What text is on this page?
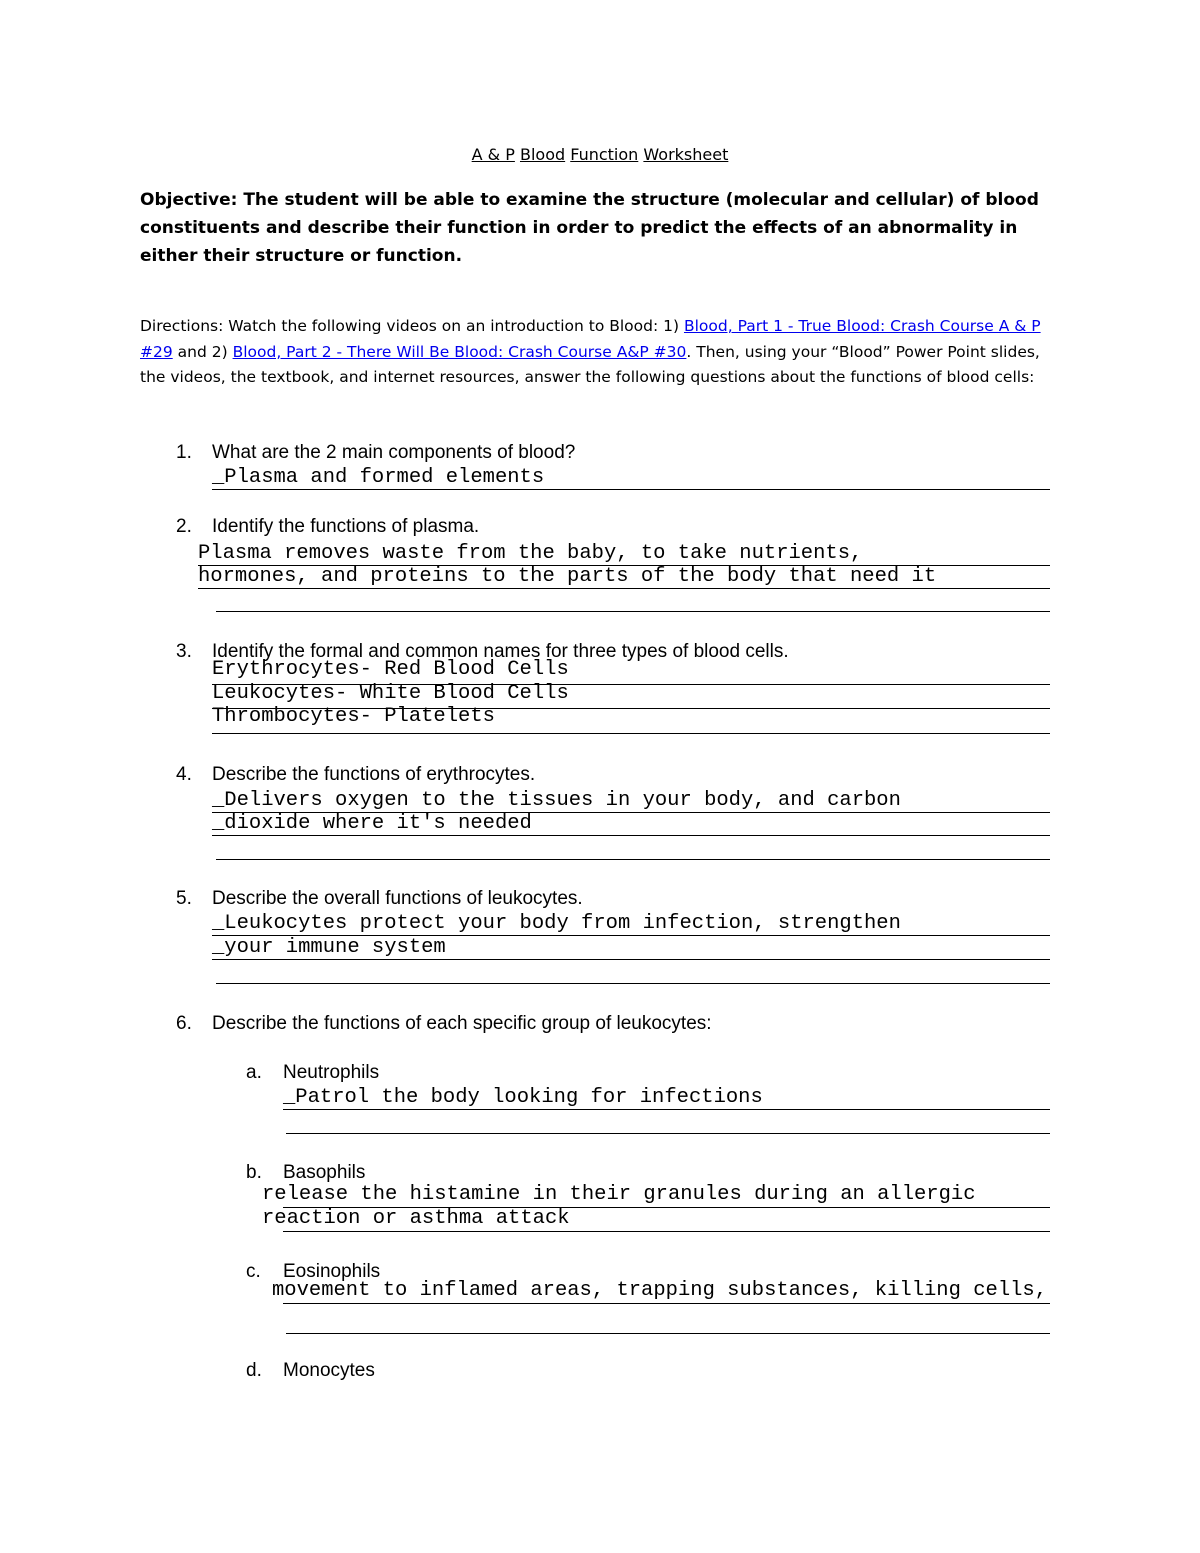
A & P Blood Function Worksheet
Objective: The student will be able to examine the structure (molecular and cellular) of blood constituents and describe their function in order to predict the effects of an abnormality in either their structure or function.
Directions: Watch the following videos on an introduction to Blood: 1) Blood, Part 1 - True Blood: Crash Course A & P #29 and 2) Blood, Part 2 - There Will Be Blood: Crash Course A&P #30. Then, using your “Blood” Power Point slides, the videos, the textbook, and internet resources, answer the following questions about the functions of blood cells:
1. What are the 2 main components of blood?
_Plasma and formed elements
2. Identify the functions of plasma.
Plasma removes waste from the baby, to take nutrients,
hormones, and proteins to the parts of the body that need it
3. Identify the formal and common names for three types of blood cells.
Erythrocytes- Red Blood Cells
Leukocytes- White Blood Cells
Thrombocytes- Platelets
4. Describe the functions of erythrocytes.
_Delivers oxygen to the tissues in your body, and carbon
_dioxide where it's needed
5. Describe the overall functions of leukocytes.
_Leukocytes protect your body from infection, strengthen
_your immune system
6. Describe the functions of each specific group of leukocytes:
a. Neutrophils
_Patrol the body looking for infections
b. Basophils
release the histamine in their granules during an allergic
reaction or asthma attack
c. Eosinophils
movement to inflamed areas, trapping substances, killing cells,
d. Monocytes
